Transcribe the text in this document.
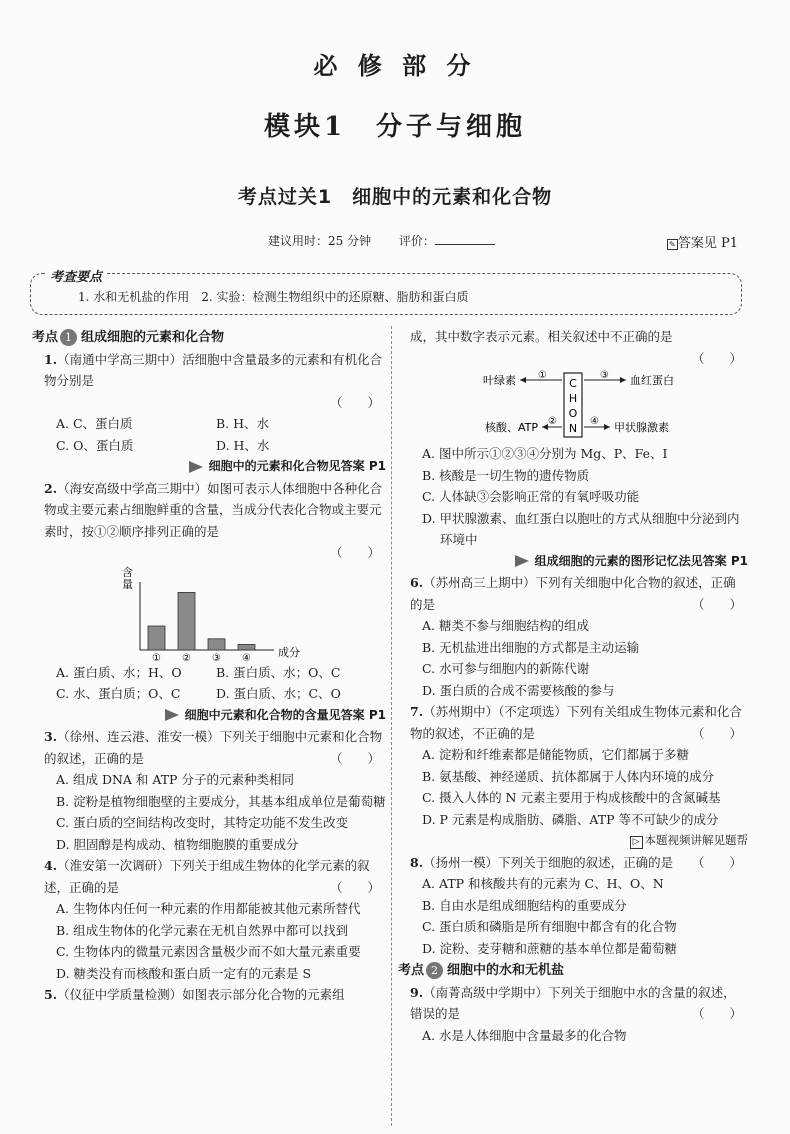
必 修 部 分
模块1　分子与细胞
考点过关1　细胞中的元素和化合物
建议用时：25 分钟 　　 评价：	✎ 答案见 P1
考查要点
1. 水和无机盐的作用　2. 实验：检测生物组织中的还原糖、脂肪和蛋白质
考点 1 组成细胞的元素和化合物
1.（南通中学高三期中）活细胞中含量最多的元素和有机化合物分别是

（　　）

A. C、蛋白质	B. H、水
C. O、蛋白质	D. H、水
细胞中的元素和化合物见答案 P1
2.（海安高级中学高三期中）如图可表示人体细胞中各种化合物或主要元素占细胞鲜重的含量，当成分代表化合物或主要元素时，按①②顺序排列正确的是

（　　）

含
量
① ② ③ ④ 成分
A. 蛋白质、水；H、O	B. 蛋白质、水；O、C
C. 水、蛋白质；O、C	D. 蛋白质、水；C、O
细胞中元素和化合物的含量见答案 P1
3.（徐州、连云港、淮安一模）下列关于细胞中元素和化合物的叙述，正确的是	（　　）
A. 组成 DNA 和 ATP 分子的元素种类相同
B. 淀粉是植物细胞壁的主要成分，其基本组成单位是葡萄糖
C. 蛋白质的空间结构改变时，其特定功能不发生改变
D. 胆固醇是构成动、植物细胞膜的重要成分
4.（淮安第一次调研）下列关于组成生物体的化学元素的叙述，正确的是	（　　）
A. 生物体内任何一种元素的作用都能被其他元素所替代
B. 组成生物体的化学元素在无机自然界中都可以找到
C. 生物体内的微量元素因含量极少而不如大量元素重要
D. 糖类没有而核酸和蛋白质一定有的元素是 S
5.（仪征中学质量检测）如图表示部分化合物的元素组
成，其中数字表示元素。相关叙述中不正确的是

（　　）

C
H
O
N
叶绿素 ①	③ 血红蛋白
核酸、ATP ②	④ 甲状腺激素
A. 图中所示①②③④分别为 Mg、P、Fe、I
B. 核酸是一切生物的遗传物质
C. 人体缺③会影响正常的有氧呼吸功能
D. 甲状腺激素、血红蛋白以胞吐的方式从细胞中分泌到内环境中
组成细胞的元素的图形记忆法见答案 P1
6.（苏州高三上期中）下列有关细胞中化合物的叙述，正确的是	（　　）
A. 糖类不参与细胞结构的组成
B. 无机盐进出细胞的方式都是主动运输
C. 水可参与细胞内的新陈代谢
D. 蛋白质的合成不需要核酸的参与
7.（苏州期中）（不定项选）下列有关组成生物体元素和化合物的叙述，不正确的是	（　　）
A. 淀粉和纤维素都是储能物质，它们都属于多糖
B. 氨基酸、神经递质、抗体都属于人体内环境的成分
C. 摄入人体的 N 元素主要用于构成核酸中的含氮碱基
D. P 元素是构成脂肪、磷脂、ATP 等不可缺少的成分
▷ 本题视频讲解见题帮
8.（扬州一模）下列关于细胞的叙述，正确的是 （　　）
A. ATP 和核酸共有的元素为 C、H、O、N
B. 自由水是组成细胞结构的重要成分
C. 蛋白质和磷脂是所有细胞中都含有的化合物
D. 淀粉、麦芽糖和蔗糖的基本单位都是葡萄糖
考点 2 细胞中的水和无机盐
9.（南菁高级中学期中）下列关于细胞中水的含量的叙述，错误的是	（　　）
A. 水是人体细胞中含量最多的化合物
